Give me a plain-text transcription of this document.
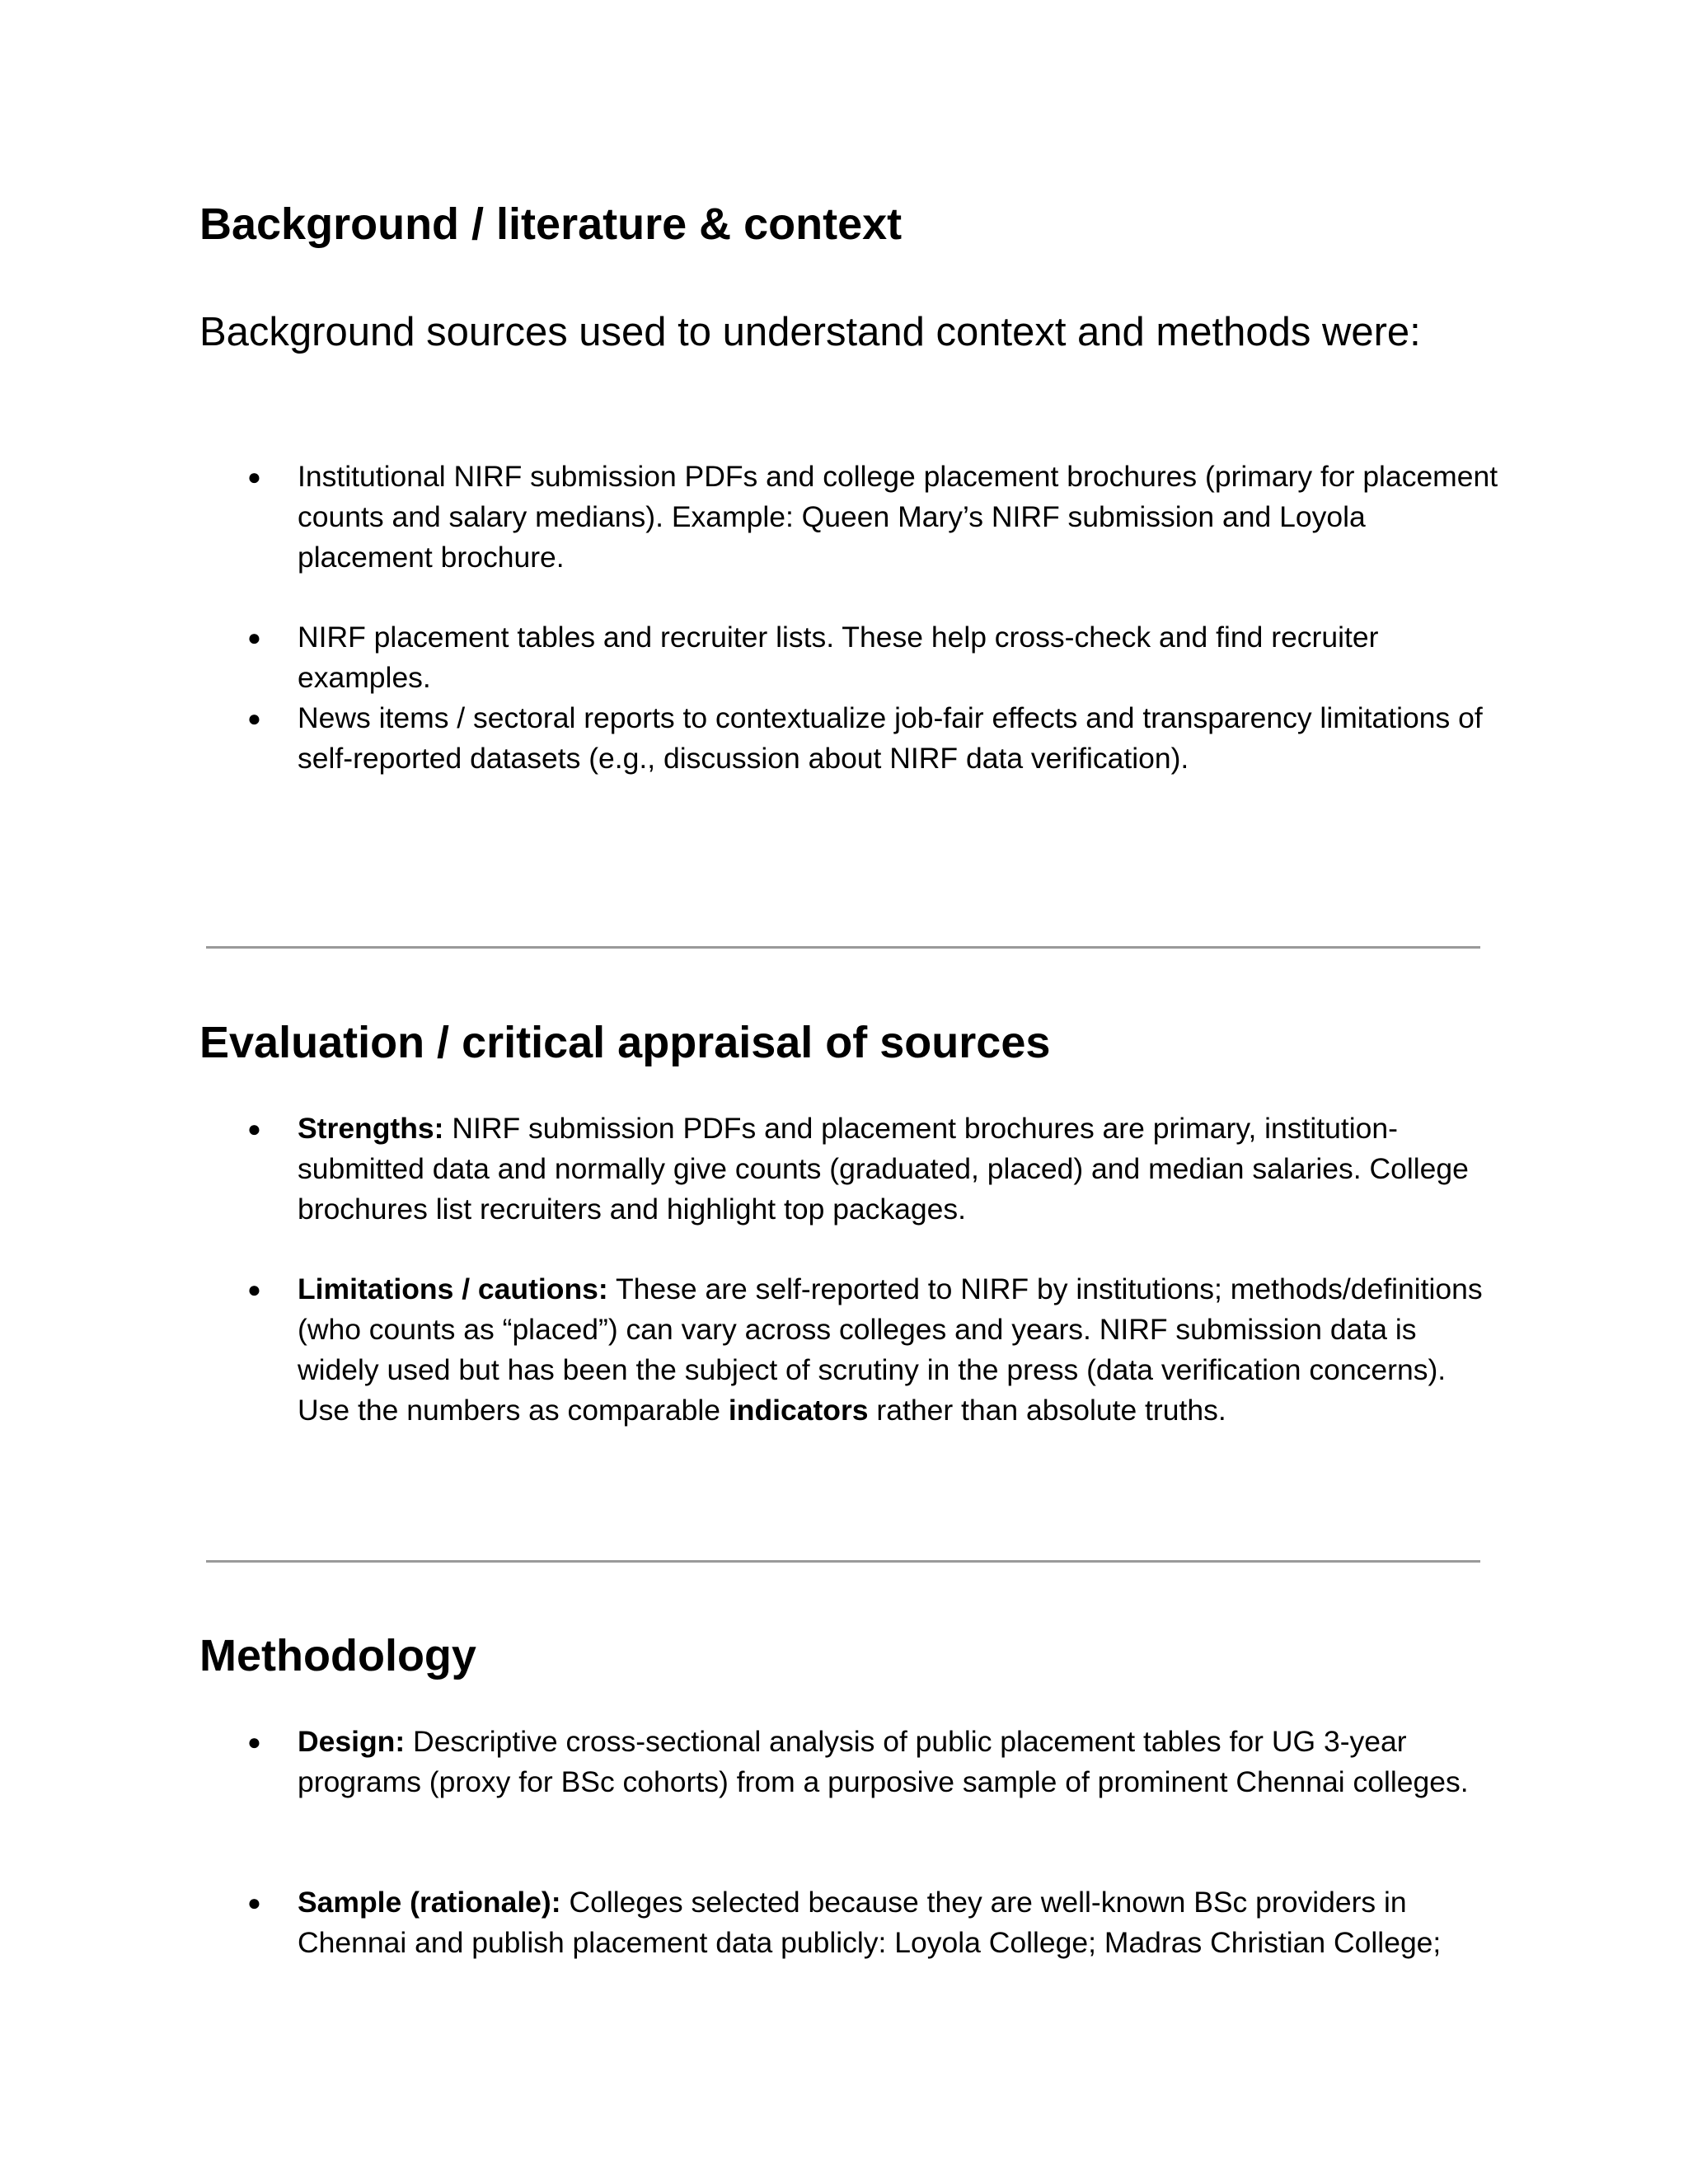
Background / literature & context

Background sources used to understand context and methods were:

● Institutional NIRF submission PDFs and college placement brochures (primary for placement counts and salary medians). Example: Queen Mary’s NIRF submission and Loyola placement brochure.

● NIRF placement tables and recruiter lists. These help cross-check and find recruiter examples.

● News items / sectoral reports to contextualize job-fair effects and transparency limitations of self-reported datasets (e.g., discussion about NIRF data verification).

Evaluation / critical appraisal of sources
● Strengths: NIRF submission PDFs and placement brochures are primary, institution-submitted data and normally give counts (graduated, placed) and median salaries. College brochures list recruiters and highlight top packages.

● Limitations / cautions: These are self-reported to NIRF by institutions; methods/definitions (who counts as “placed”) can vary across colleges and years. NIRF submission data is widely used but has been the subject of scrutiny in the press (data verification concerns). Use the numbers as comparable indicators rather than absolute truths.

Methodology
● Design: Descriptive cross-sectional analysis of public placement tables for UG 3-year programs (proxy for BSc cohorts) from a purposive sample of prominent Chennai colleges.

● Sample (rationale): Colleges selected because they are well-known BSc providers in Chennai and publish placement data publicly: Loyola College; Madras Christian College;
